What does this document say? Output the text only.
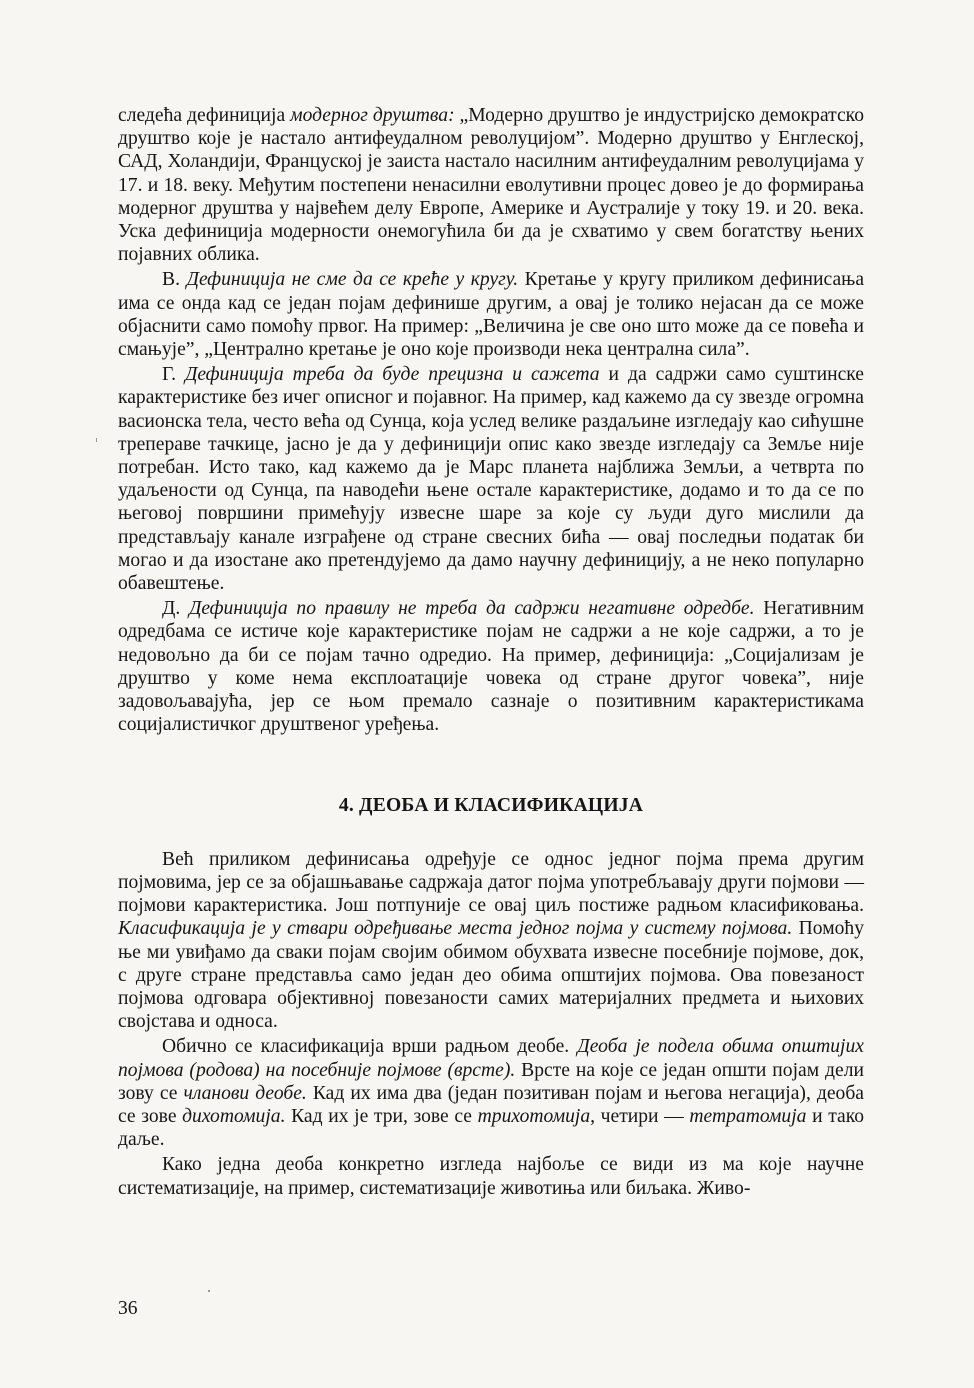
следећа дефиниција модерног друштва: „Модерно друштво је индустријско демократско друштво које је настало антифеудалном револуцијом”. Модерно друштво у Енглеској, САД, Холандији, Француској је заиста настало насилним антифеудалним револуцијама у 17. и 18. веку. Међутим постепени ненасилни еволутивни процес довео је до формирања модерног друштва у највећем делу Европе, Америке и Аустралије у току 19. и 20. века. Уска дефиниција модерности онемогућила би да је схватимо у свем богатству њених појавних облика.

В. Дефиниција не сме да се креће у кругу. Кретање у кругу приликом дефинисања има се онда кад се један појам дефинише другим, а овај је толико нејасан да се може објаснити само помоћу првог. На пример: „Величина је све оно што може да се повећа и смањује”, „Централно кретање је оно које производи нека централна сила”.

Г. Дефиниција треба да буде прецизна и сажета и да садржи само суштинске карактеристике без ичег описног и појавног. На пример, кад кажемо да су звезде огромна васионска тела, често већа од Сунца, која услед велике раздаљине изгледају као сићушне трепераве тачкице, јасно је да у дефиницији опис како звезде изгледају са Земље није потребан. Исто тако, кад кажемо да је Марс планета најближа Земљи, а четврта по удаљености од Сунца, па наводећи њене остале карактеристике, додамо и то да се по његовој површини примећују извесне шаре за које су људи дуго мислили да представљају канале изграђене од стране свесних бића — овај последњи податак би могао и да изостане ако претендујемо да дамо научну дефиницију, а не неко популарно обавештење.

Д. Дефиниција по правилу не треба да садржи негативне одредбе. Негативним одредбама се истиче које карактеристике појам не садржи а не које садржи, а то је недовољно да би се појам тачно одредио. На пример, дефиниција: „Социјализам је друштво у коме нема експлоатације човека од стране другог човека”, није задовољавајућа, јер се њом премало сазнаје о позитивним карактеристикама социјалистичког друштвеног уређења.

4. ДЕОБА И КЛАСИФИКАЦИЈА

Већ приликом дефинисања одређује се однос једног појма према другим појмовима, јер се за објашњавање садржаја датог појма употребљавају други појмови — појмови карактеристика. Још потпуније се овај циљ постиже радњом класификовања. Класификација је у ствари одређивање места једног појма у систему појмова. Помоћу ње ми увиђамо да сваки појам својим обимом обухвата извесне посебније појмове, док, с друге стране представља само један део обима општијих појмова. Ова повезаност појмова одговара објективној повезаности самих материјалних предмета и њихових својстава и односа.

Обично се класификација врши радњом деобе. Деоба је подела обима општијих појмова (родова) на посебније појмове (врсте). Врсте на које се један општи појам дели зову се чланови деобе. Кад их има два (један позитиван појам и његова негација), деоба се зове дихотомија. Кад их је три, зове се трихотомија, четири — тетратомија и тако даље.

Како једна деоба конкретно изгледа најбоље се види из ма које научне систематизације, на пример, систематизације животиња или биљака. Живо-

36
